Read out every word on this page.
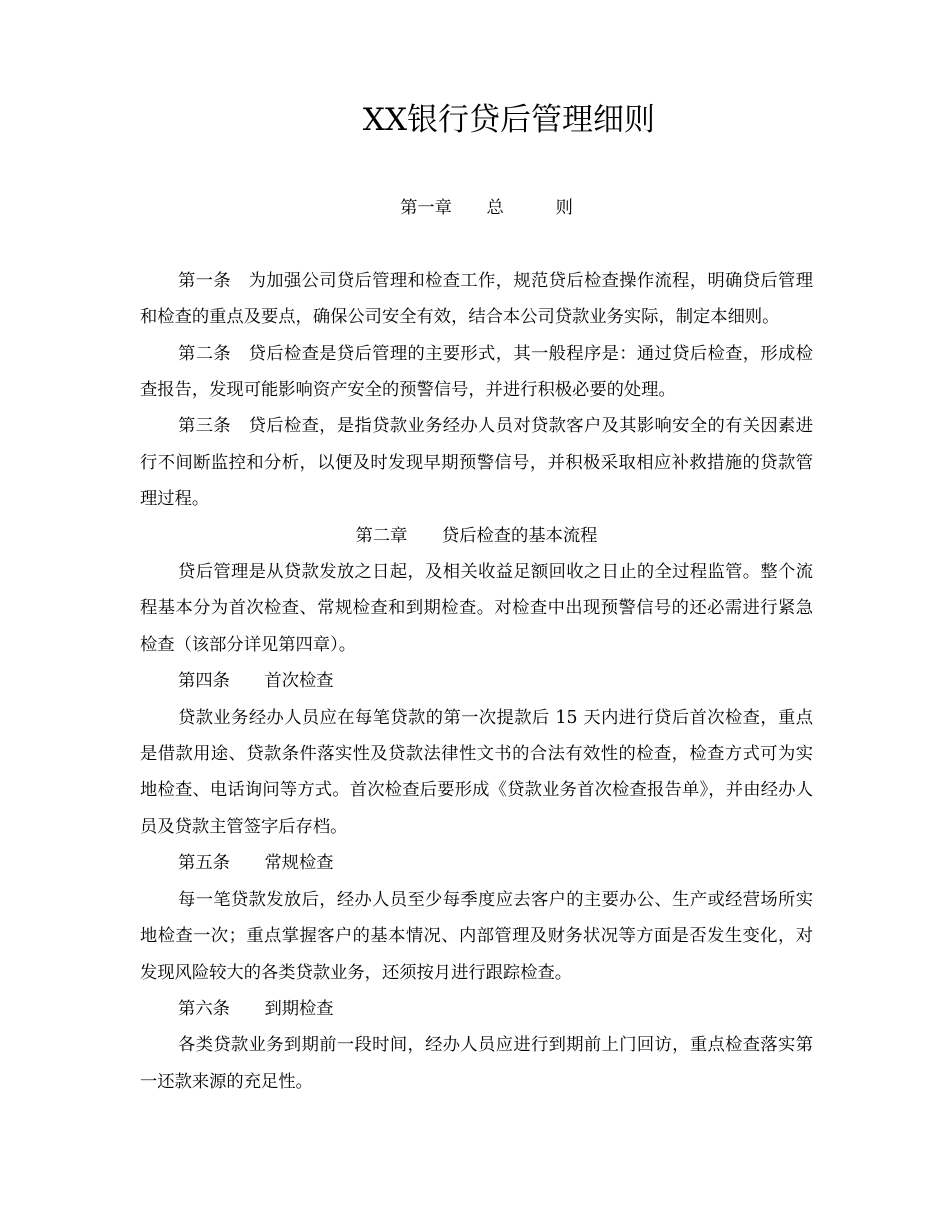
XX银行贷后管理细则

第一章　　总　　　则

第一条　 为加强公司贷后管理和检查工作，规范贷后检查操作流程，明确贷后管理和检查的重点及要点，确保公司安全有效，结合本公司贷款业务实际，制定本细则。

第二条　 贷后检查是贷后管理的主要形式，其一般程序是：通过贷后检查，形成检查报告，发现可能影响资产安全的预警信号，并进行积极必要的处理。

第三条　 贷后检查，是指贷款业务经办人员对贷款客户及其影响安全的有关因素进行不间断监控和分析，以便及时发现早期预警信号，并积极采取相应补救措施的贷款管理过程。

第二章　　贷后检查的基本流程

贷后管理是从贷款发放之日起，及相关收益足额回收之日止的全过程监管。整个流程基本分为首次检查、常规检查和到期检查。对检查中出现预警信号的还必需进行紧急检查（该部分详见第四章）。

第四条　　首次检查

贷款业务经办人员应在每笔贷款的第一次提款后 15 天内进行贷后首次检查，重点是借款用途、贷款条件落实性及贷款法律性文书的合法有效性的检查，检查方式可为实地检查、电话询问等方式。首次检查后要形成《贷款业务首次检查报告单》，并由经办人员及贷款主管签字后存档。

第五条　　常规检查

每一笔贷款发放后，经办人员至少每季度应去客户的主要办公、生产或经营场所实地检查一次；重点掌握客户的基本情况、内部管理及财务状况等方面是否发生变化，对发现风险较大的各类贷款业务，还须按月进行跟踪检查。

第六条　　到期检查

各类贷款业务到期前一段时间，经办人员应进行到期前上门回访，重点检查落实第一还款来源的充足性。
